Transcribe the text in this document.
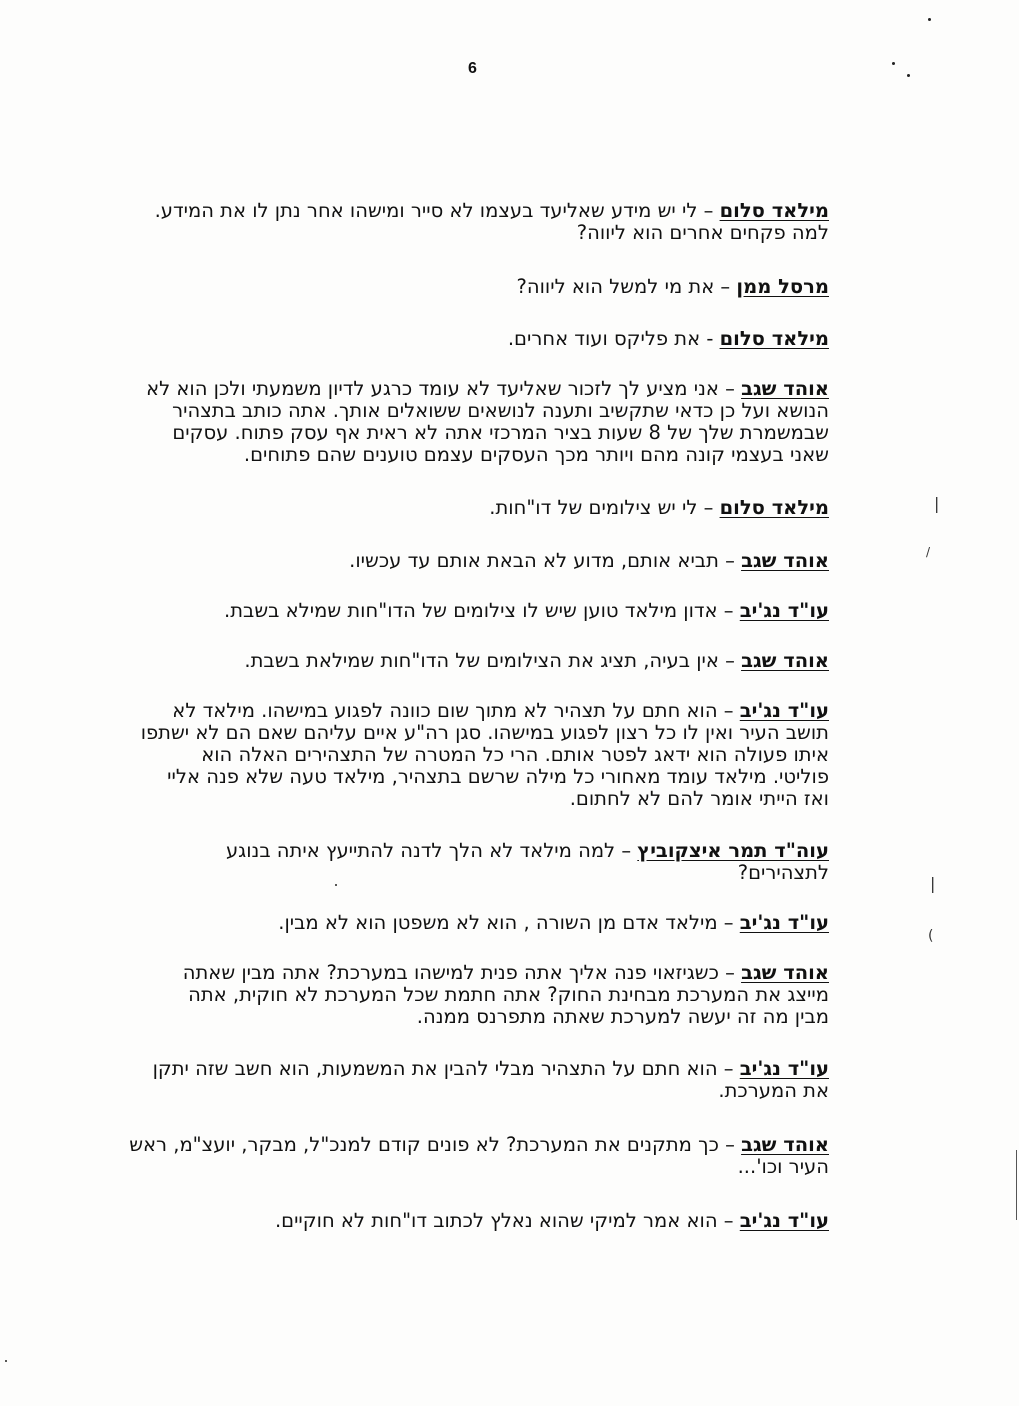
6

מילאד סלום – לי יש מידע שאליעד בעצמו לא סייר ומישהו אחר נתן לו את המידע. למה פקחים אחרים הוא ליווה?

מרסל ממן – את מי למשל הוא ליווה?

מילאד סלום - את פליקס ועוד אחרים.

אוהד שגב – אני מציע לך לזכור שאליעד לא עומד כרגע לדיון משמעתי ולכן הוא לא הנושא ועל כן כדאי שתקשיב ותענה לנושאים ששואלים אותך. אתה כותב בתצהיר שבמשמרת שלך של 8 שעות בציר המרכזי אתה לא ראית אף עסק פתוח. עסקים שאני בעצמי קונה מהם ויותר מכך העסקים עצמם טוענים שהם פתוחים.

מילאד סלום – לי יש צילומים של דו"חות.

אוהד שגב – תביא אותם, מדוע לא הבאת אותם עד עכשיו.

עו"ד נג'יב – אדון מילאד טוען שיש לו צילומים של הדו"חות שמילא בשבת.

אוהד שגב – אין בעיה, תציג את הצילומים של הדו"חות שמילאת בשבת.

עו"ד נג'יב – הוא חתם על תצהיר לא מתוך שום כוונה לפגוע במישהו. מילאד לא תושב העיר ואין לו כל רצון לפגוע במישהו. סגן רה"ע איים עליהם שאם הם לא ישתפו איתו פעולה הוא ידאג לפטר אותם. הרי כל המטרה של התצהירים האלה הוא פוליטי. מילאד עומד מאחורי כל מילה שרשם בתצהיר, מילאד טעה שלא פנה אליי ואז הייתי אומר להם לא לחתום.

עוה"ד תמר איצקוביץ – למה מילאד לא הלך לדנה להתייעץ איתה בנוגע לתצהירים?

עו"ד נג'יב – מילאד אדם מן השורה , הוא לא משפטן הוא לא מבין.

אוהד שגב – כשגיזאוי פנה אליך אתה פנית למישהו במערכת? אתה מבין שאתה מייצג את המערכת מבחינת החוק? אתה חתמת שכל המערכת לא חוקית, אתה מבין מה זה יעשה למערכת שאתה מתפרנס ממנה.

עו"ד נג'יב – הוא חתם על התצהיר מבלי להבין את המשמעות, הוא חשב שזה יתקן את המערכת.

אוהד שגב – כך מתקנים את המערכת? לא פונים קודם למנכ"ל, מבקר, יועצ"מ, ראש העיר וכו'...

עו"ד נג'יב – הוא אמר למיקי שהוא נאלץ לכתוב דו"חות לא חוקיים.

|
/
|
(
